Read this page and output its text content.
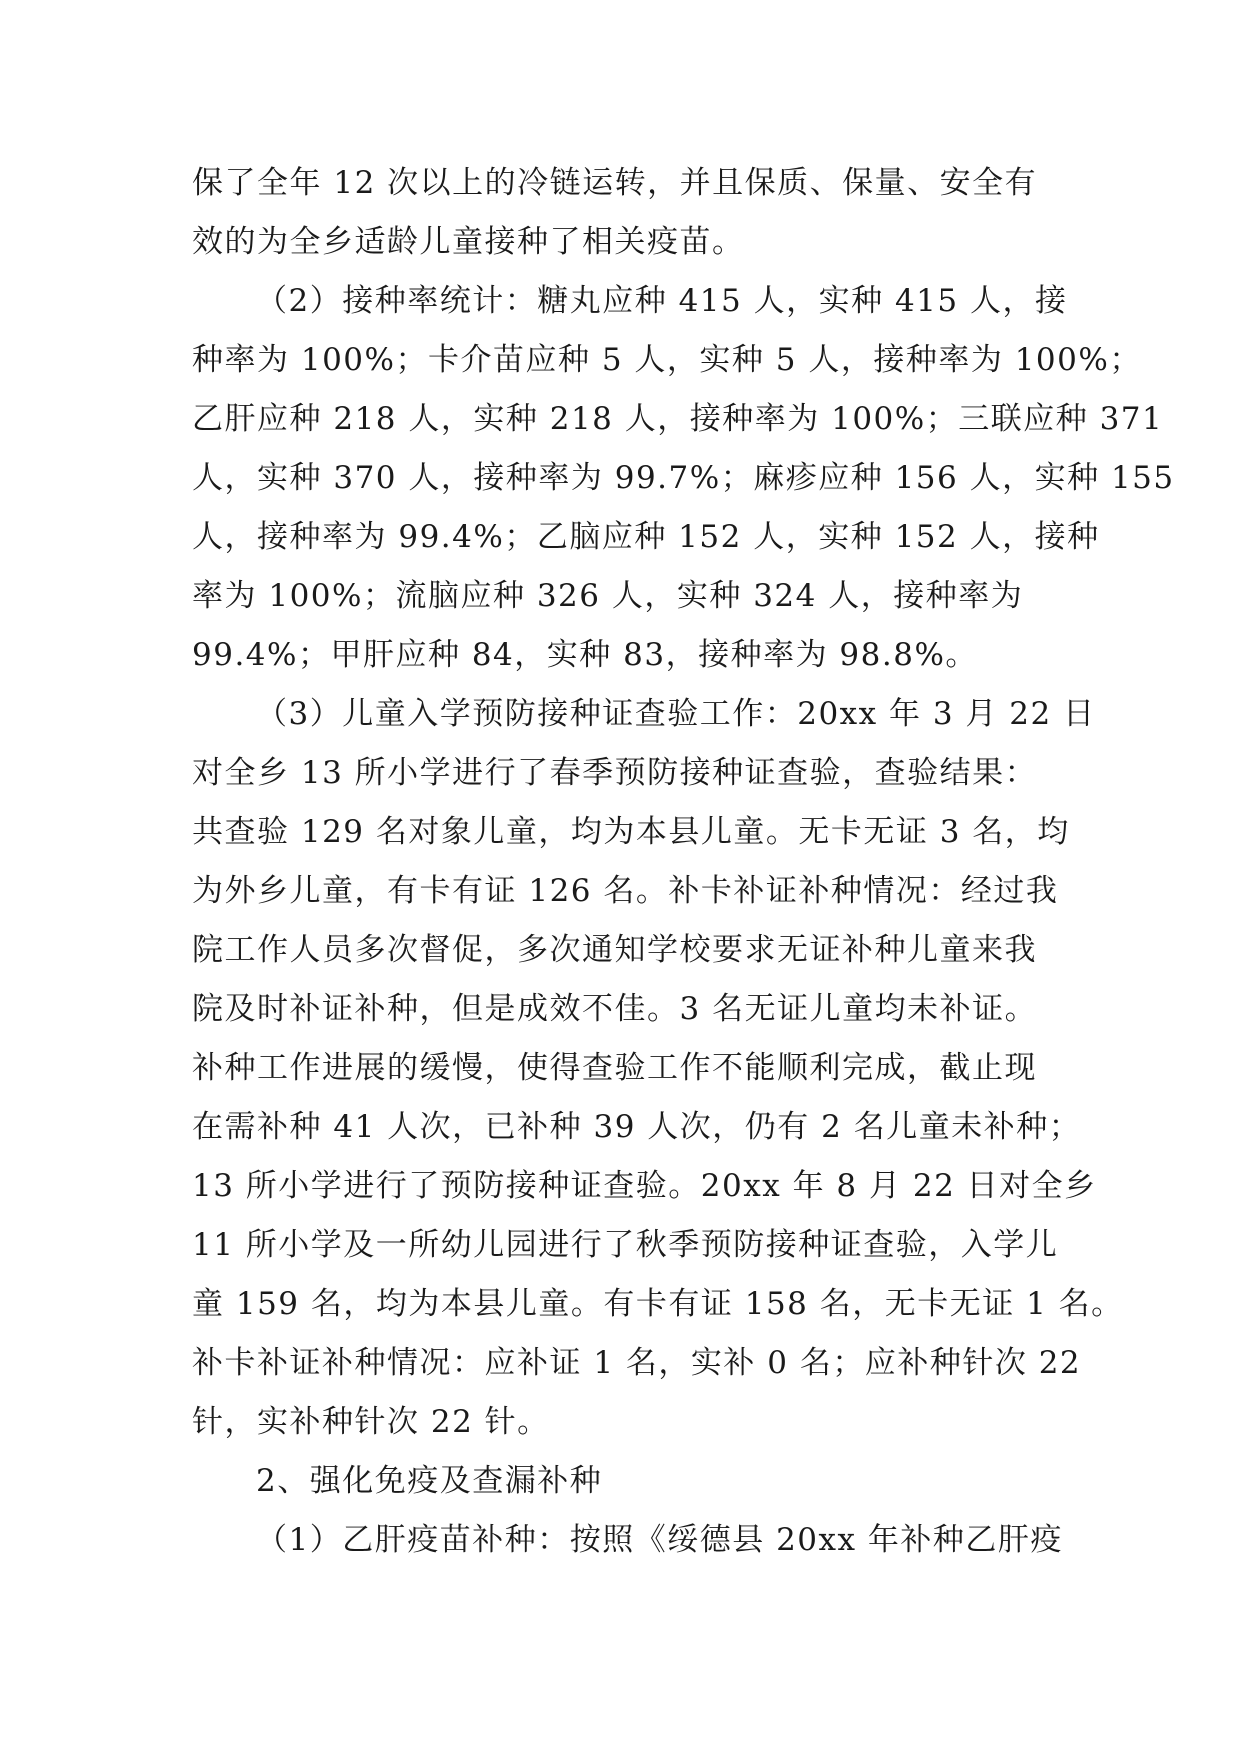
保了全年 12 次以上的冷链运转，并且保质、保量、安全有
效的为全乡适龄儿童接种了相关疫苗。
（2）接种率统计：糖丸应种 415 人，实种 415 人，接
种率为 100%；卡介苗应种 5 人，实种 5 人，接种率为 100%；
乙肝应种 218 人，实种 218 人，接种率为 100%；三联应种 371
人，实种 370 人，接种率为 99.7%；麻疹应种 156 人，实种 155
人，接种率为 99.4%；乙脑应种 152 人，实种 152 人，接种
率为 100%；流脑应种 326 人，实种 324 人，接种率为
99.4%；甲肝应种 84，实种 83，接种率为 98.8%。
（3）儿童入学预防接种证查验工作：20xx 年 3 月 22 日
对全乡 13 所小学进行了春季预防接种证查验，查验结果：
共查验 129 名对象儿童，均为本县儿童。无卡无证 3 名，均
为外乡儿童，有卡有证 126 名。补卡补证补种情况：经过我
院工作人员多次督促，多次通知学校要求无证补种儿童来我
院及时补证补种，但是成效不佳。3 名无证儿童均未补证。
补种工作进展的缓慢，使得查验工作不能顺利完成，截止现
在需补种 41 人次，已补种 39 人次，仍有 2 名儿童未补种；
13 所小学进行了预防接种证查验。20xx 年 8 月 22 日对全乡
11 所小学及一所幼儿园进行了秋季预防接种证查验，入学儿
童 159 名，均为本县儿童。有卡有证 158 名，无卡无证 1 名。
补卡补证补种情况：应补证 1 名，实补 0 名；应补种针次 22
针，实补种针次 22 针。
2、强化免疫及查漏补种
（1）乙肝疫苗补种：按照《绥德县 20xx 年补种乙肝疫
